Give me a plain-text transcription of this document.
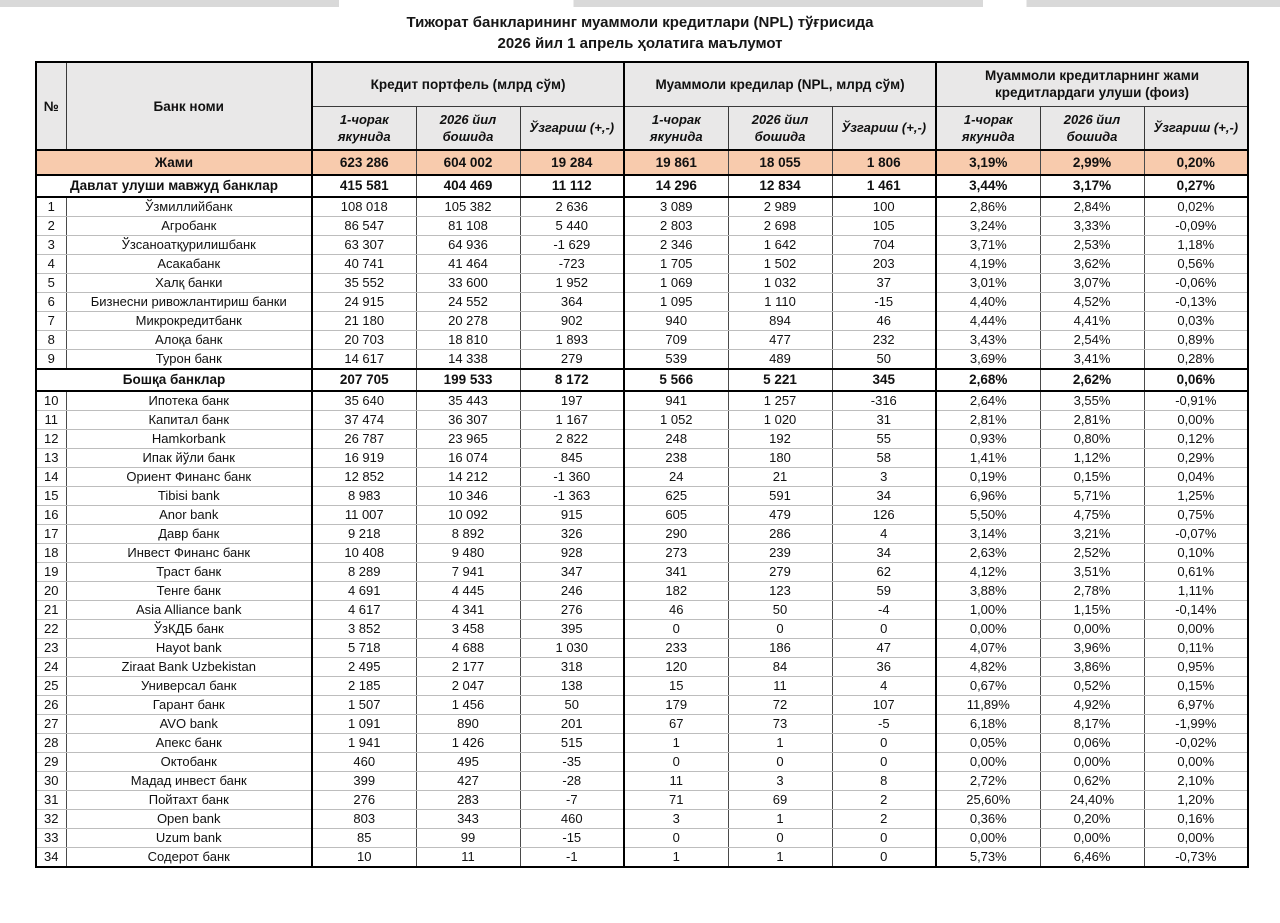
Тижорат банкларининг муаммоли кредитлари (NPL) тўғрисида
2026 йил 1 апрель ҳолатига маълумот
№	Банк номи	Кредит портфель (млрд сўм)			Муаммоли кредилар (NPL, млрд сўм)			Муаммоли кредитларнинг жами кредитлардаги улуши (фоиз)		
		1-чорак якунида	2026 йил бошида	Ўзгариш (+,-)	1-чорак якунида	2026 йил бошида	Ўзгариш (+,-)	1-чорак якунида	2026 йил бошида	Ўзгариш (+,-)
Жами		623 286	604 002	19 284	19 861	18 055	1 806	3,19%	2,99%	0,20%
Давлат улуши мавжуд банклар		415 581	404 469	11 112	14 296	12 834	1 461	3,44%	3,17%	0,27%
1	Ўзмиллийбанк	108 018	105 382	2 636	3 089	2 989	100	2,86%	2,84%	0,02%
2	Агробанк	86 547	81 108	5 440	2 803	2 698	105	3,24%	3,33%	-0,09%
3	Ўзсаноатқурилишбанк	63 307	64 936	-1 629	2 346	1 642	704	3,71%	2,53%	1,18%
4	Асакабанк	40 741	41 464	-723	1 705	1 502	203	4,19%	3,62%	0,56%
5	Халқ банки	35 552	33 600	1 952	1 069	1 032	37	3,01%	3,07%	-0,06%
6	Бизнесни ривожлантириш банки	24 915	24 552	364	1 095	1 110	-15	4,40%	4,52%	-0,13%
7	Микрокредитбанк	21 180	20 278	902	940	894	46	4,44%	4,41%	0,03%
8	Алоқа банк	20 703	18 810	1 893	709	477	232	3,43%	2,54%	0,89%
9	Турон банк	14 617	14 338	279	539	489	50	3,69%	3,41%	0,28%
Бошқа банклар		207 705	199 533	8 172	5 566	5 221	345	2,68%	2,62%	0,06%
10	Ипотека банк	35 640	35 443	197	941	1 257	-316	2,64%	3,55%	-0,91%
11	Капитал банк	37 474	36 307	1 167	1 052	1 020	31	2,81%	2,81%	0,00%
12	Hamkorbank	26 787	23 965	2 822	248	192	55	0,93%	0,80%	0,12%
13	Ипак йўли банк	16 919	16 074	845	238	180	58	1,41%	1,12%	0,29%
14	Ориент Финанс банк	12 852	14 212	-1 360	24	21	3	0,19%	0,15%	0,04%
15	Tibisi bank	8 983	10 346	-1 363	625	591	34	6,96%	5,71%	1,25%
16	Anor bank	11 007	10 092	915	605	479	126	5,50%	4,75%	0,75%
17	Давр банк	9 218	8 892	326	290	286	4	3,14%	3,21%	-0,07%
18	Инвест Финанс банк	10 408	9 480	928	273	239	34	2,63%	2,52%	0,10%
19	Траст банк	8 289	7 941	347	341	279	62	4,12%	3,51%	0,61%
20	Тенге банк	4 691	4 445	246	182	123	59	3,88%	2,78%	1,11%
21	Asia Alliance bank	4 617	4 341	276	46	50	-4	1,00%	1,15%	-0,14%
22	ЎзКДБ банк	3 852	3 458	395	0	0	0	0,00%	0,00%	0,00%
23	Hayot bank	5 718	4 688	1 030	233	186	47	4,07%	3,96%	0,11%
24	Ziraat Bank Uzbekistan	2 495	2 177	318	120	84	36	4,82%	3,86%	0,95%
25	Универсал банк	2 185	2 047	138	15	11	4	0,67%	0,52%	0,15%
26	Гарант банк	1 507	1 456	50	179	72	107	11,89%	4,92%	6,97%
27	AVO bank	1 091	890	201	67	73	-5	6,18%	8,17%	-1,99%
28	Апекс банк	1 941	1 426	515	1	1	0	0,05%	0,06%	-0,02%
29	Октобанк	460	495	-35	0	0	0	0,00%	0,00%	0,00%
30	Мадад инвест банк	399	427	-28	11	3	8	2,72%	0,62%	2,10%
31	Пойтахт банк	276	283	-7	71	69	2	25,60%	24,40%	1,20%
32	Open bank	803	343	460	3	1	2	0,36%	0,20%	0,16%
33	Uzum bank	85	99	-15	0	0	0	0,00%	0,00%	0,00%
34	Содерот банк	10	11	-1	1	1	0	5,73%	6,46%	-0,73%
